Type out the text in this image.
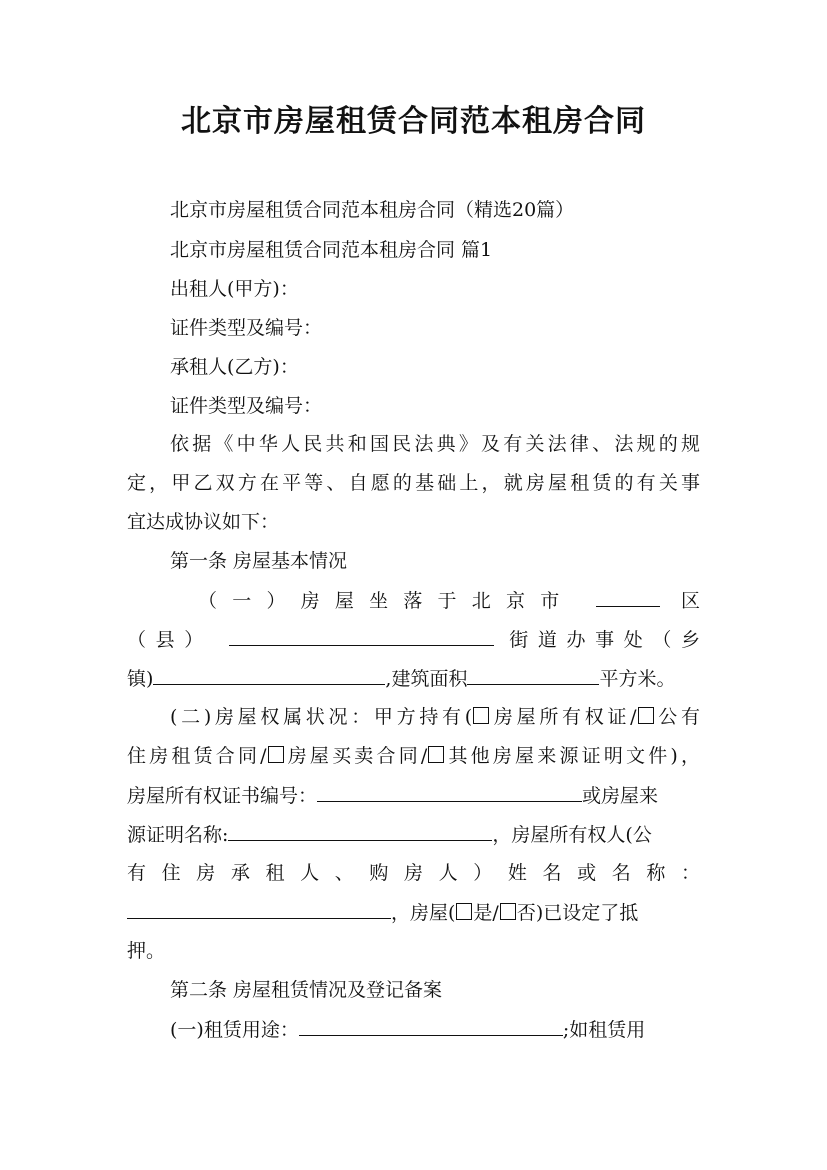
北京市房屋租赁合同范本租房合同
北京市房屋租赁合同范本租房合同（精选20篇）
北京市房屋租赁合同范本租房合同 篇1
出租人(甲方)：
证件类型及编号：
承租人(乙方)：
证件类型及编号：
依据《中华人民共和国民法典》及有关法律、法规的规
定，甲乙双方在平等、自愿的基础上，就房屋租赁的有关事
宜达成协议如下：
第一条 房屋基本情况
（一）房屋坐落于北京市	区
（县）	街道办事处（乡
镇)	,建筑面积	平方米。
(二)房屋权属状况：甲方持有( 房屋所有权证/ 公有
住房租赁合同/ 房屋买卖合同/ 其他房屋来源证明文件)，
房屋所有权证书编号：	或房屋来
源证明名称:	，房屋所有权人(公
有住房承租人、购房人）姓名或名称：
，房屋( 是/ 否)已设定了抵
押。
第二条 房屋租赁情况及登记备案
(一)租赁用途：	;如租赁用
